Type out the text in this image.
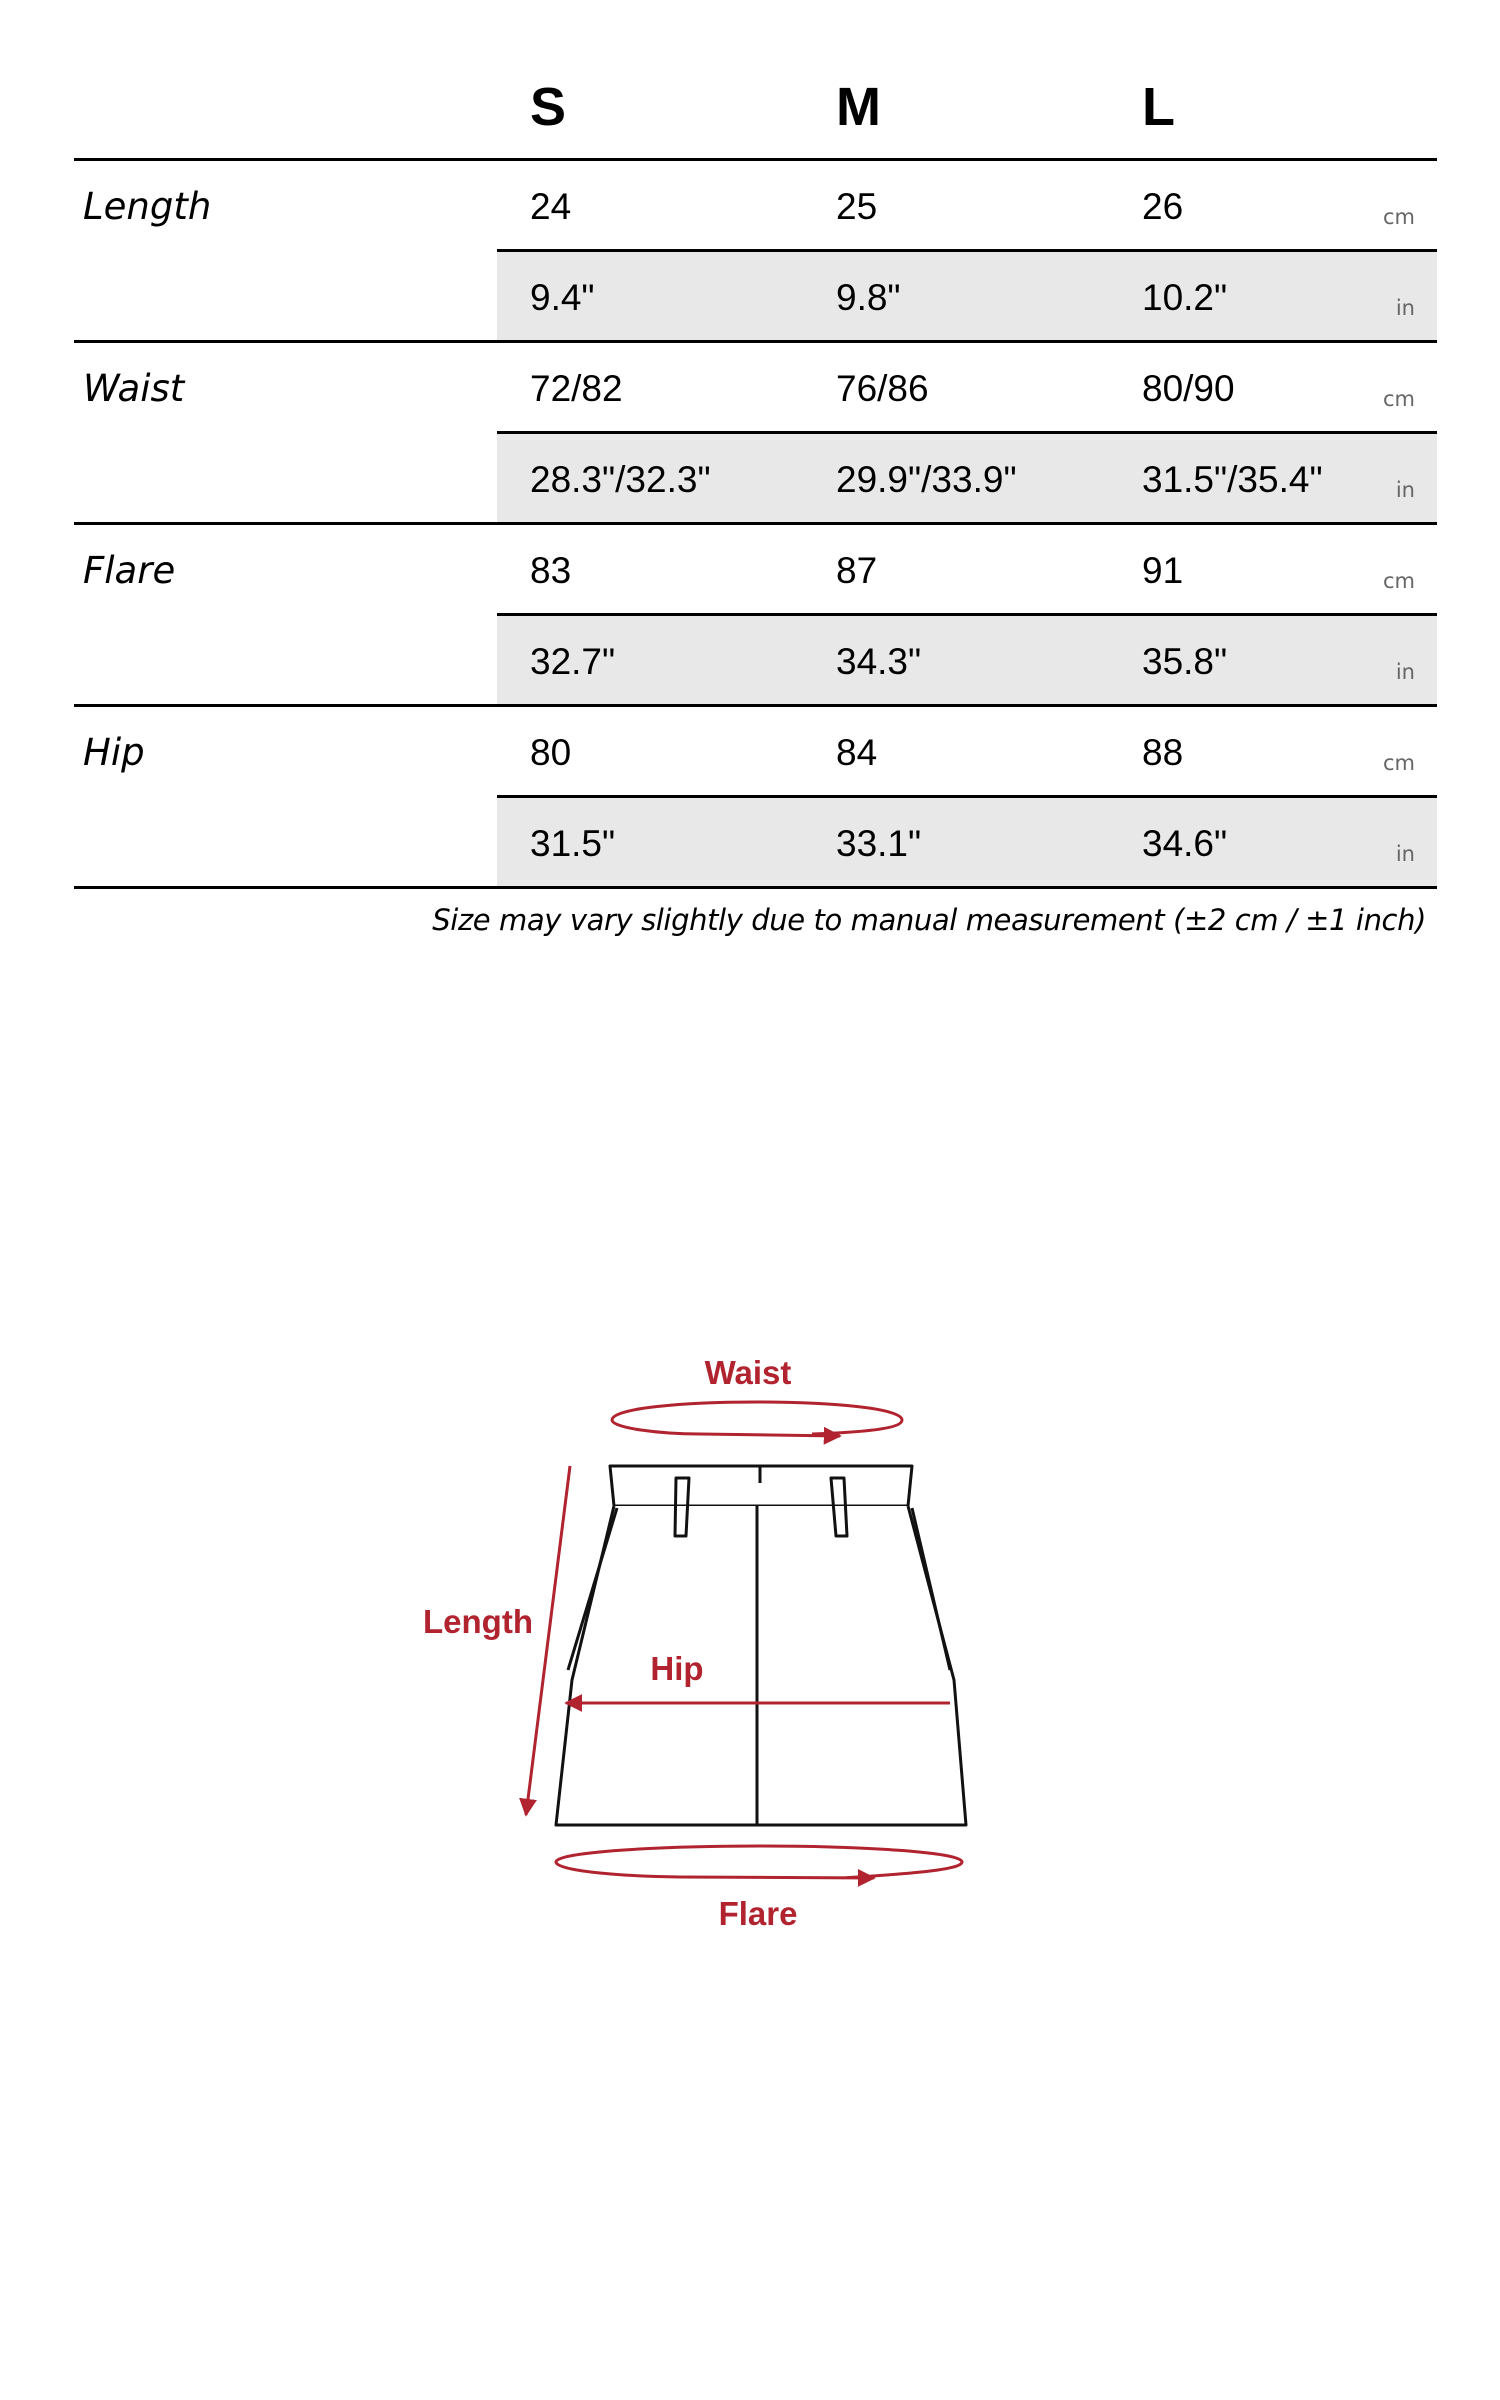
S	M	L
Length	24	25	26	cm
9.4"	9.8"	10.2"	in
Waist	72/82	76/86	80/90	cm
28.3"/32.3"	29.9"/33.9"	31.5"/35.4"	in
Flare	83	87	91	cm
32.7"	34.3"	35.8"	in
Hip	80	84	88	cm
31.5"	33.1"	34.6"	in
Size may vary slightly due to manual measurement (±2 cm / ±1 inch)
Waist
Length
Hip
Flare
